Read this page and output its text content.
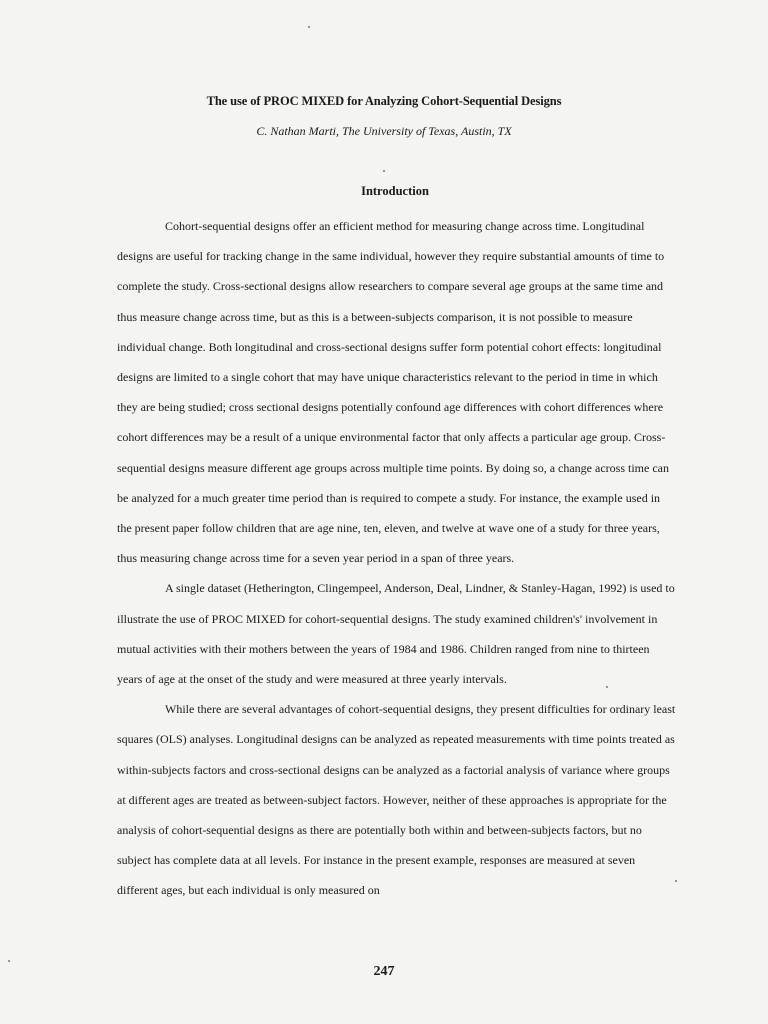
The use of PROC MIXED for Analyzing Cohort-Sequential Designs
C. Nathan Marti, The University of Texas, Austin, TX
Introduction

Cohort-sequential designs offer an efficient method for measuring change across time. Longitudinal designs are useful for tracking change in the same individual, however they require substantial amounts of time to complete the study. Cross-sectional designs allow researchers to compare several age groups at the same time and thus measure change across time, but as this is a between-subjects comparison, it is not possible to measure individual change. Both longitudinal and cross-sectional designs suffer form potential cohort effects: longitudinal designs are limited to a single cohort that may have unique characteristics relevant to the period in time in which they are being studied; cross sectional designs potentially confound age differences with cohort differences where cohort differences may be a result of a unique environmental factor that only affects a particular age group. Cross-sequential designs measure different age groups across multiple time points. By doing so, a change across time can be analyzed for a much greater time period than is required to compete a study. For instance, the example used in the present paper follow children that are age nine, ten, eleven, and twelve at wave one of a study for three years, thus measuring change across time for a seven year period in a span of three years.

A single dataset (Hetherington, Clingempeel, Anderson, Deal, Lindner, & Stanley-Hagan, 1992) is used to illustrate the use of PROC MIXED for cohort-sequential designs. The study examined children's' involvement in mutual activities with their mothers between the years of 1984 and 1986. Children ranged from nine to thirteen years of age at the onset of the study and were measured at three yearly intervals.

While there are several advantages of cohort-sequential designs, they present difficulties for ordinary least squares (OLS) analyses. Longitudinal designs can be analyzed as repeated measurements with time points treated as within-subjects factors and cross-sectional designs can be analyzed as a factorial analysis of variance where groups at different ages are treated as between-subject factors. However, neither of these approaches is appropriate for the analysis of cohort-sequential designs as there are potentially both within and between-subjects factors, but no subject has complete data at all levels. For instance in the present example, responses are measured at seven different ages, but each individual is only measured on

247
